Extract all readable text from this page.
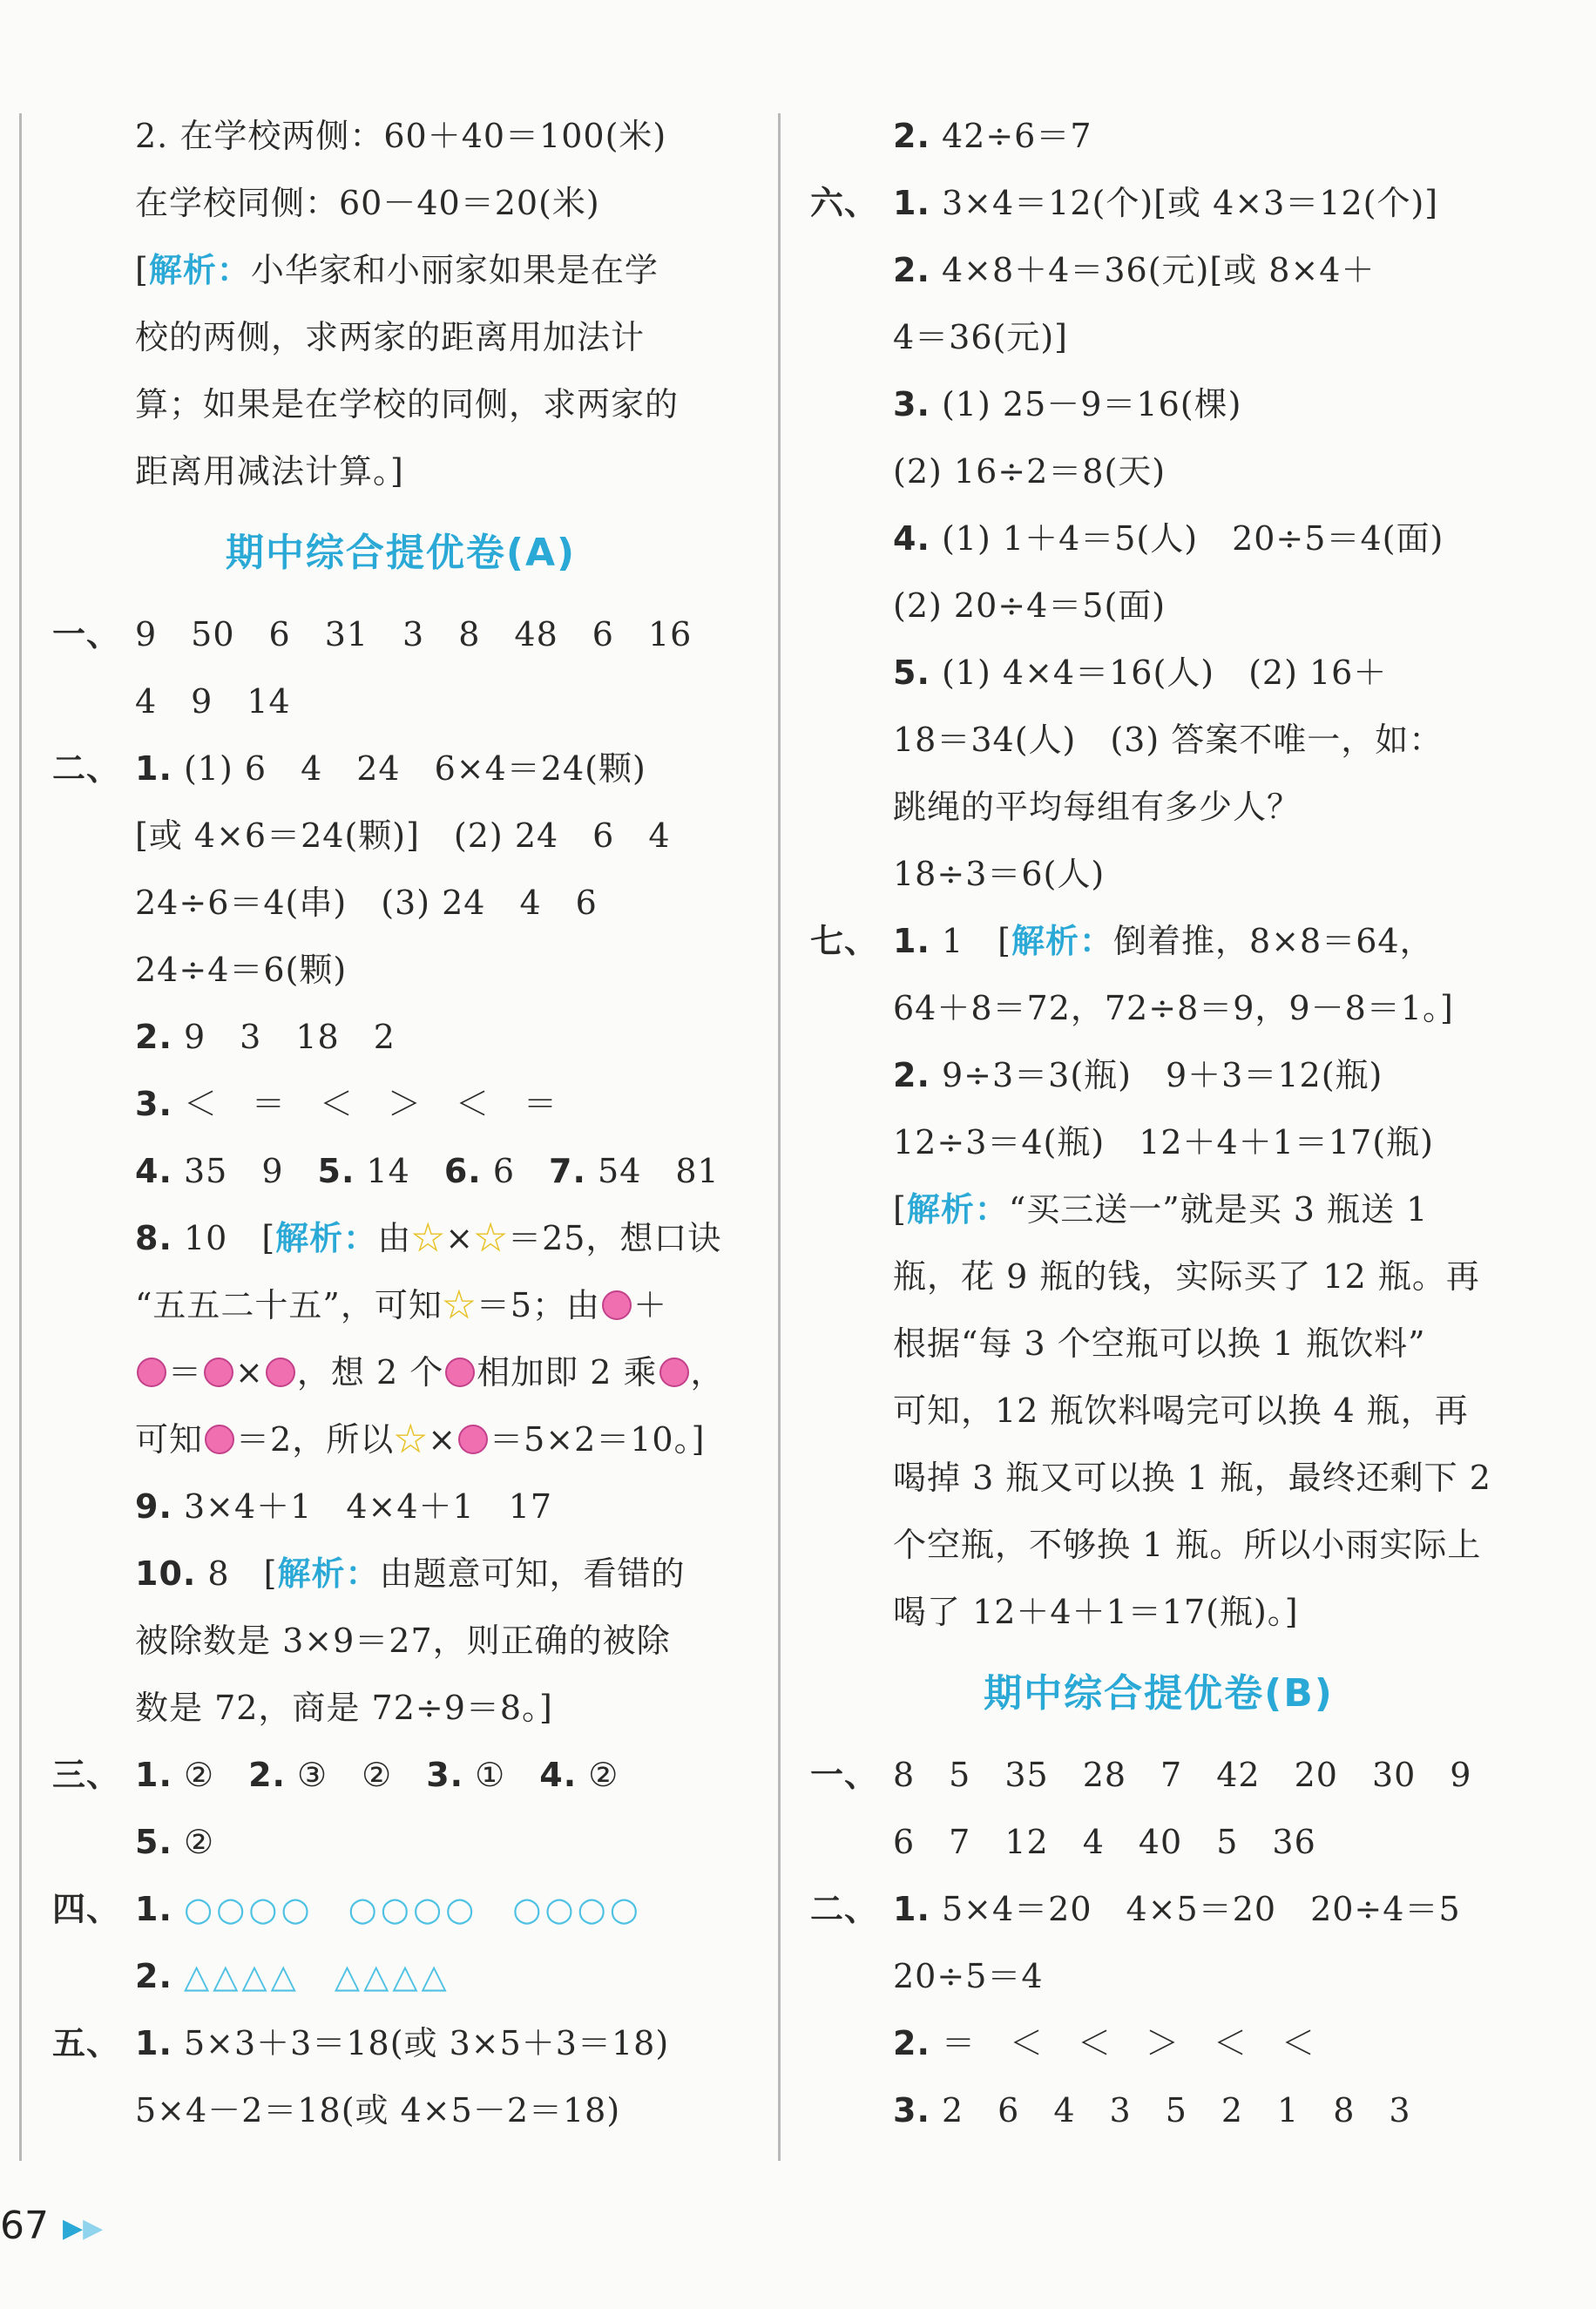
2. 在学校两侧：60＋40＝100(米)
在学校同侧：60－40＝20(米)
[解析：小华家和小丽家如果是在学
校的两侧，求两家的距离用加法计
算；如果是在学校的同侧，求两家的
距离用减法计算。]
期中综合提优卷(A)
一、 9　50　6　31　3　8　48　6　16
4　9　14
二、 1. (1) 6　4　24　6×4＝24(颗)
[或 4×6＝24(颗)]　(2) 24　6　4
24÷6＝4(串)　(3) 24　4　6
24÷4＝6(颗)
2. 9　3　18　2
3. ＜　＝　＜　＞　＜　＝
4. 35　9　5. 14　6. 6　7. 54　81
8. 10　[解析：由☆×☆＝25，想口诀
“五五二十五”，可知☆＝5；由 ＋
＝ × ，想 2 个 相加即 2 乘 ，
可知 ＝2，所以☆× ＝5×2＝10。]
9. 3×4＋1　4×4＋1　17
10. 8　[解析：由题意可知，看错的
被除数是 3×9＝27，则正确的被除
数是 72，商是 72÷9＝8。]
三、 1. ②　2. ③　②　3. ①　4. ②
5. ②
四、 1. ○○○○ ○○○○ ○○○○
2. △△△△ △△△△
五、 1. 5×3＋3＝18(或 3×5＋3＝18)
5×4－2＝18(或 4×5－2＝18)
2. 42÷6＝7
六、 1. 3×4＝12(个)[或 4×3＝12(个)]
2. 4×8＋4＝36(元)[或 8×4＋
4＝36(元)]
3. (1) 25－9＝16(棵)
(2) 16÷2＝8(天)
4. (1) 1＋4＝5(人)　20÷5＝4(面)
(2) 20÷4＝5(面)
5. (1) 4×4＝16(人)　(2) 16＋
18＝34(人)　(3) 答案不唯一，如：
跳绳的平均每组有多少人？
18÷3＝6(人)
七、 1. 1　[解析：倒着推，8×8＝64，
64＋8＝72，72÷8＝9，9－8＝1。]
2. 9÷3＝3(瓶)　9＋3＝12(瓶)
12÷3＝4(瓶)　12＋4＋1＝17(瓶)
[解析：“买三送一”就是买 3 瓶送 1
瓶，花 9 瓶的钱，实际买了 12 瓶。再
根据“每 3 个空瓶可以换 1 瓶饮料”
可知，12 瓶饮料喝完可以换 4 瓶，再
喝掉 3 瓶又可以换 1 瓶，最终还剩下 2
个空瓶，不够换 1 瓶。所以小雨实际上
喝了 12＋4＋1＝17(瓶)。]
期中综合提优卷(B)
一、 8　5　35　28　7　42　20　30　9
6　7　12　4　40　5　36
二、 1. 5×4＝20　4×5＝20　20÷4＝5
20÷5＝4
2. ＝　＜　＜　＞　＜　＜
3. 2　6　4　3　5　2　1　8　3
67 ▶▶
